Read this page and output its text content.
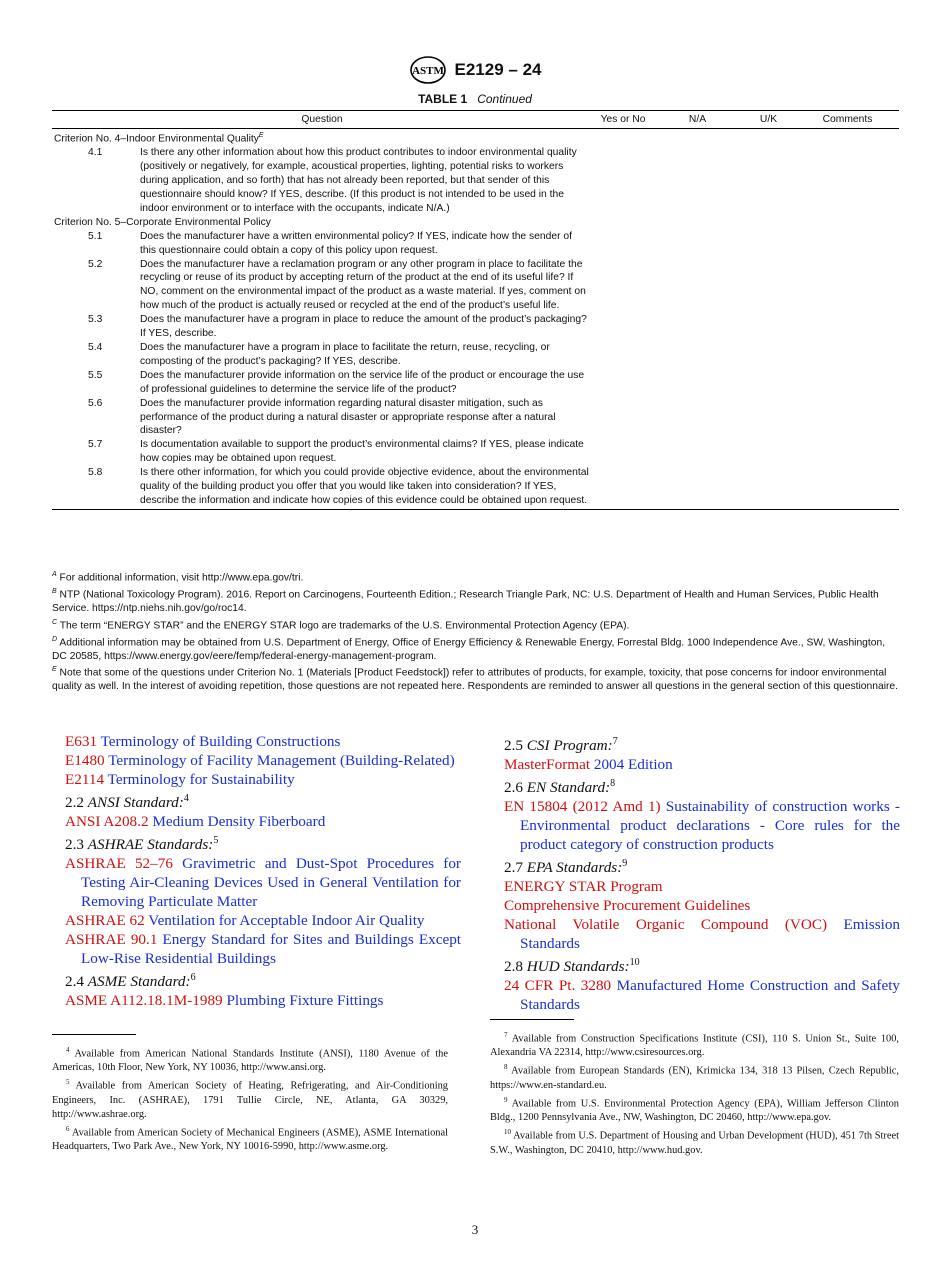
ASTM E2129 – 24
TABLE 1 Continued
Question	Yes or No	N/A	U/K	Comments
Criterion No. 4–Indoor Environmental Quality$^E$
4.1	Is there any other information about how this product contributes to indoor environmental quality (positively or negatively, for example, acoustical properties, lighting, potential risks to workers during application, and so forth) that has not already been reported, but that sender of this questionnaire should know? If YES, describe. (If this product is not intended to be used in the indoor environment or to interface with the occupants, indicate N/A.)
Criterion No. 5–Corporate Environmental Policy
5.1	Does the manufacturer have a written environmental policy? If YES, indicate how the sender of this questionnaire could obtain a copy of this policy upon request.
5.2	Does the manufacturer have a reclamation program or any other program in place to facilitate the recycling or reuse of its product by accepting return of the product at the end of its useful life? If NO, comment on the environmental impact of the product as a waste material. If yes, comment on how much of the product is actually reused or recycled at the end of the product’s useful life.
5.3	Does the manufacturer have a program in place to reduce the amount of the product’s packaging? If YES, describe.
5.4	Does the manufacturer have a program in place to facilitate the return, reuse, recycling, or composting of the product’s packaging? If YES, describe.
5.5	Does the manufacturer provide information on the service life of the product or encourage the use of professional guidelines to determine the service life of the product?
5.6	Does the manufacturer provide information regarding natural disaster mitigation, such as performance of the product during a natural disaster or appropriate response after a natural disaster?
5.7	Is documentation available to support the product’s environmental claims? If YES, please indicate how copies may be obtained upon request.
5.8	Is there other information, for which you could provide objective evidence, about the environmental quality of the building product you offer that you would like taken into consideration? If YES, describe the information and indicate how copies of this evidence could be obtained upon request.

$^A$ For additional information, visit http://www.epa.gov/tri.

$^B$ NTP (National Toxicology Program). 2016. Report on Carcinogens, Fourteenth Edition.; Research Triangle Park, NC: U.S. Department of Health and Human Services, Public Health Service. https://ntp.niehs.nih.gov/go/roc14.

$^C$ The term “ENERGY STAR” and the ENERGY STAR logo are trademarks of the U.S. Environmental Protection Agency (EPA).

$^D$ Additional information may be obtained from U.S. Department of Energy, Office of Energy Efficiency & Renewable Energy, Forrestal Bldg. 1000 Independence Ave., SW, Washington, DC 20585, https://www.energy.gov/eere/femp/federal-energy-management-program.

$^E$ Note that some of the questions under Criterion No. 1 (Materials [Product Feedstock]) refer to attributes of products, for example, toxicity, that pose concerns for indoor environmental quality as well. In the interest of avoiding repetition, those questions are not repeated here. Respondents are reminded to answer all questions in the general section of this questionnaire.

E631 Terminology of Building Constructions

E1480 Terminology of Facility Management (Building-Related)

E2114 Terminology for Sustainability

2.2 ANSI Standard:$^4$

ANSI A208.2 Medium Density Fiberboard

2.3 ASHRAE Standards:$^5$

ASHRAE 52–76 Gravimetric and Dust-Spot Procedures for Testing Air-Cleaning Devices Used in General Ventilation for Removing Particulate Matter

ASHRAE 62 Ventilation for Acceptable Indoor Air Quality

ASHRAE 90.1 Energy Standard for Sites and Buildings Except Low-Rise Residential Buildings

2.4 ASME Standard:$^6$

ASME A112.18.1M-1989 Plumbing Fixture Fittings

$^4$ Available from American National Standards Institute (ANSI), 1180 Avenue of the Americas, 10th Floor, New York, NY 10036, http://www.ansi.org.

$^5$ Available from American Society of Heating, Refrigerating, and Air-Conditioning Engineers, Inc. (ASHRAE), 1791 Tullie Circle, NE, Atlanta, GA 30329, http://www.ashrae.org.

$^6$ Available from American Society of Mechanical Engineers (ASME), ASME International Headquarters, Two Park Ave., New York, NY 10016-5990, http://www.asme.org.

2.5 CSI Program:$^7$

MasterFormat 2004 Edition

2.6 EN Standard:$^8$

EN 15804 (2012 Amd 1) Sustainability of construction works - Environmental product declarations - Core rules for the product category of construction products

2.7 EPA Standards:$^9$

ENERGY STAR Program

Comprehensive Procurement Guidelines

National Volatile Organic Compound (VOC) Emission Standards

2.8 HUD Standards:$^{10}$

24 CFR Pt. 3280 Manufactured Home Construction and Safety Standards

$^7$ Available from Construction Specifications Institute (CSI), 110 S. Union St., Suite 100, Alexandria VA 22314, http://www.csiresources.org.

$^8$ Available from European Standards (EN), Krimicka 134, 318 13 Pilsen, Czech Republic, https://www.en-standard.eu.

$^9$ Available from U.S. Environmental Protection Agency (EPA), William Jefferson Clinton Bldg., 1200 Pennsylvania Ave., NW, Washington, DC 20460, http://www.epa.gov.

$^{10}$ Available from U.S. Department of Housing and Urban Development (HUD), 451 7th Street S.W., Washington, DC 20410, http://www.hud.gov.

3
